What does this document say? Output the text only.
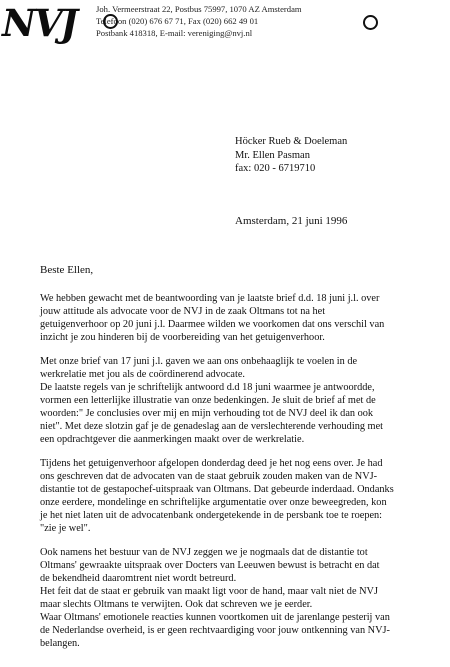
NVJ	Joh. Vermeerstraat 22, Postbus 75997, 1070 AZ Amsterdam
Telefoon (020) 676 67 71, Fax (020) 662 49 01
Postbank 418318, E-mail: vereniging@nvj.nl
Höcker Rueb & Doeleman
Mr. Ellen Pasman
fax: 020 - 6719710
Amsterdam, 21 juni 1996
Beste Ellen,

We hebben gewacht met de beantwoording van je laatste brief d.d. 18 juni j.l. over
jouw attitude als advocate voor de NVJ in de zaak Oltmans tot na het
getuigenverhoor op 20 juni j.l. Daarmee wilden we voorkomen dat ons verschil van
inzicht je zou hinderen bij de voorbereiding van het getuigenverhoor.

Met onze brief van 17 juni j.l. gaven we aan ons onbehaaglijk te voelen in de
werkrelatie met jou als de coördinerend advocate.
De laatste regels van je schriftelijk antwoord d.d 18 juni waarmee je antwoordde,
vormen een letterlijke illustratie van onze bedenkingen. Je sluit de brief af met de
woorden:" Je conclusies over mij en mijn verhouding tot de NVJ deel ik dan ook
niet". Met deze slotzin gaf je de genadeslag aan de verslechterende verhouding met
een opdrachtgever die aanmerkingen maakt over de werkrelatie.

Tijdens het getuigenverhoor afgelopen donderdag deed je het nog eens over. Je had
ons geschreven dat de advocaten van de staat gebruik zouden maken van de NVJ-
distantie tot de gestapochef-uitspraak van Oltmans. Dat gebeurde inderdaad. Ondanks
onze eerdere, mondelinge en schriftelijke argumentatie over onze beweegreden, kon
je het niet laten uit de advocatenbank ondergetekende in de persbank toe te roepen:
"zie je wel".

Ook namens het bestuur van de NVJ zeggen we je nogmaals dat de distantie tot
Oltmans' gewraakte uitspraak over Docters van Leeuwen bewust is betracht en dat
de bekendheid daaromtrent niet wordt betreurd.
Het feit dat de staat er gebruik van maakt ligt voor de hand, maar valt niet de NVJ
maar slechts Oltmans te verwijten. Ook dat schreven we je eerder.
Waar Oltmans' emotionele reacties kunnen voortkomen uit de jarenlange pesterij van
de Nederlandse overheid, is er geen rechtvaardiging voor jouw ontkenning van NVJ-
belangen.
